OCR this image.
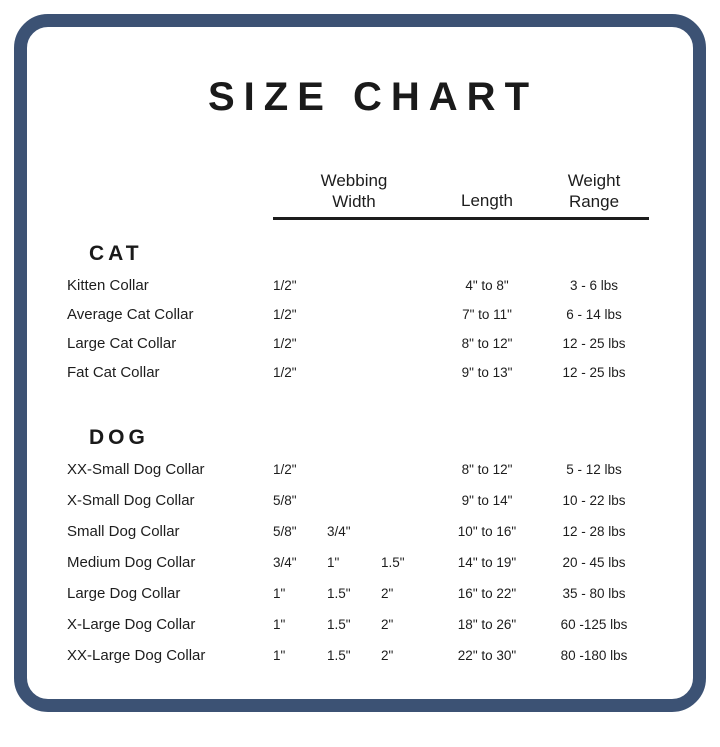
SIZE CHART
Webbing
Width	Length
Weight
Range
CAT
Kitten Collar	1/2"	4" to 8"	3 - 6 lbs
Average Cat Collar	1/2"	7" to 11"	6 - 14 lbs
Large Cat Collar	1/2"	8" to 12"	12 - 25 lbs
Fat Cat Collar	1/2"	9" to 13"	12 - 25 lbs
DOG
XX-Small Dog Collar	1/2"	8" to 12"	5 - 12 lbs
X-Small Dog Collar	5/8"	9" to 14"	10 - 22 lbs
Small Dog Collar	5/8"	3/4"	10" to 16"	12 - 28 lbs
Medium Dog Collar	3/4"	1"	1.5"	14" to 19"	20 - 45 lbs
Large Dog Collar	1"	1.5"	2"	16" to 22"	35 - 80 lbs
X-Large Dog Collar	1"	1.5"	2"	18" to 26"	60 -125 lbs
XX-Large Dog Collar	1"	1.5"	2"	22" to 30"	80 -180 lbs
